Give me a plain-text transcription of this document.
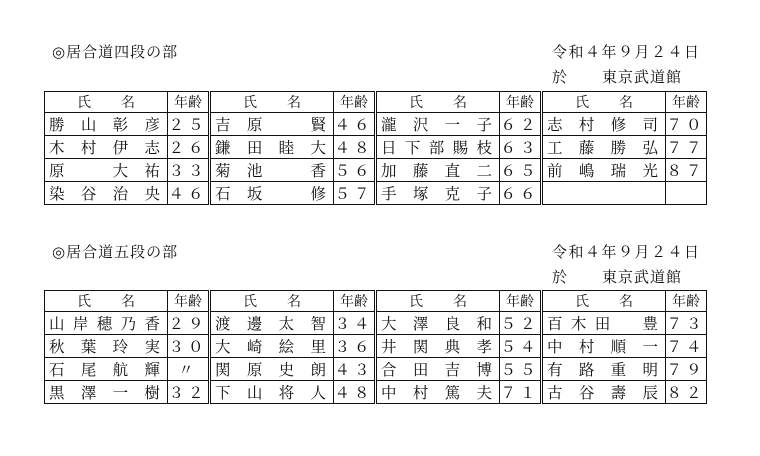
◎居合道四段の部	令和４年９月２４日
於 東京武道館
氏名	年齢	氏名	年齢	氏名	年齢	氏名	年齢

勝山彰彦	２５	吉原　賢	４６	瀧沢一子	６２	志村修司	７０

木村伊志	２６	鎌田睦大	４８	日下部賜枝	６３	工藤勝弘	７７

原　大祐	３３	菊池　香	５６	加藤直二	６５	前嶋瑞光	８７

染谷治央	４６	石坂　修	５７	手塚克子	６６	

◎居合道五段の部	令和４年９月２４日
於 東京武道館
氏名	年齢	氏名	年齢	氏名	年齢	氏名	年齢

山岸穂乃香	２９	渡邊太智	３４	大澤良和	５２	百木田　豊	７３

秋葉玲実	３０	大崎絵里	３６	井関典孝	５４	中村順一	７４

石尾航輝	〃	関原史朗	４３	合田吉博	５５	有路重明	７９

黒澤一樹	３２	下山将人	４８	中村篤夫	７１	古谷壽辰	８２
